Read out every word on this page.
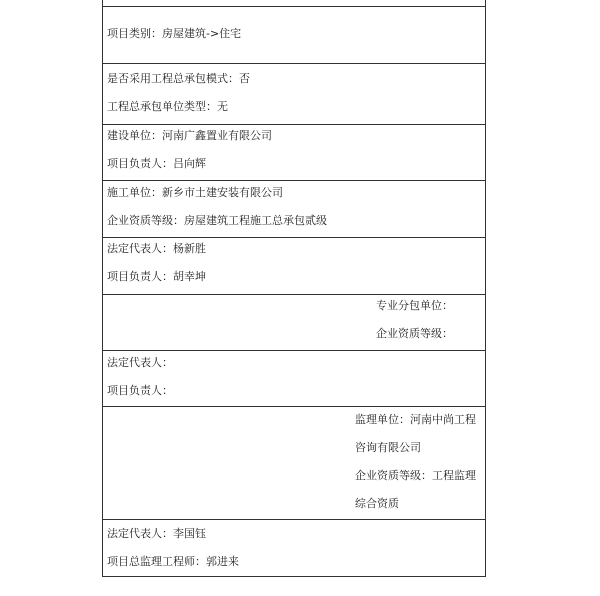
项目类别：房屋建筑->住宅
是否采用工程总承包模式：否
工程总承包单位类型：无
建设单位：河南广鑫置业有限公司
项目负责人：吕向辉
施工单位：新乡市土建安装有限公司
企业资质等级：房屋建筑工程施工总承包贰级
法定代表人：杨新胜
项目负责人：胡幸坤
专业分包单位：
企业资质等级：
法定代表人：
项目负责人：
监理单位：河南中尚工程
咨询有限公司
企业资质等级：工程监理
综合资质
法定代表人：李国钰
项目总监理工程师：郭进来
